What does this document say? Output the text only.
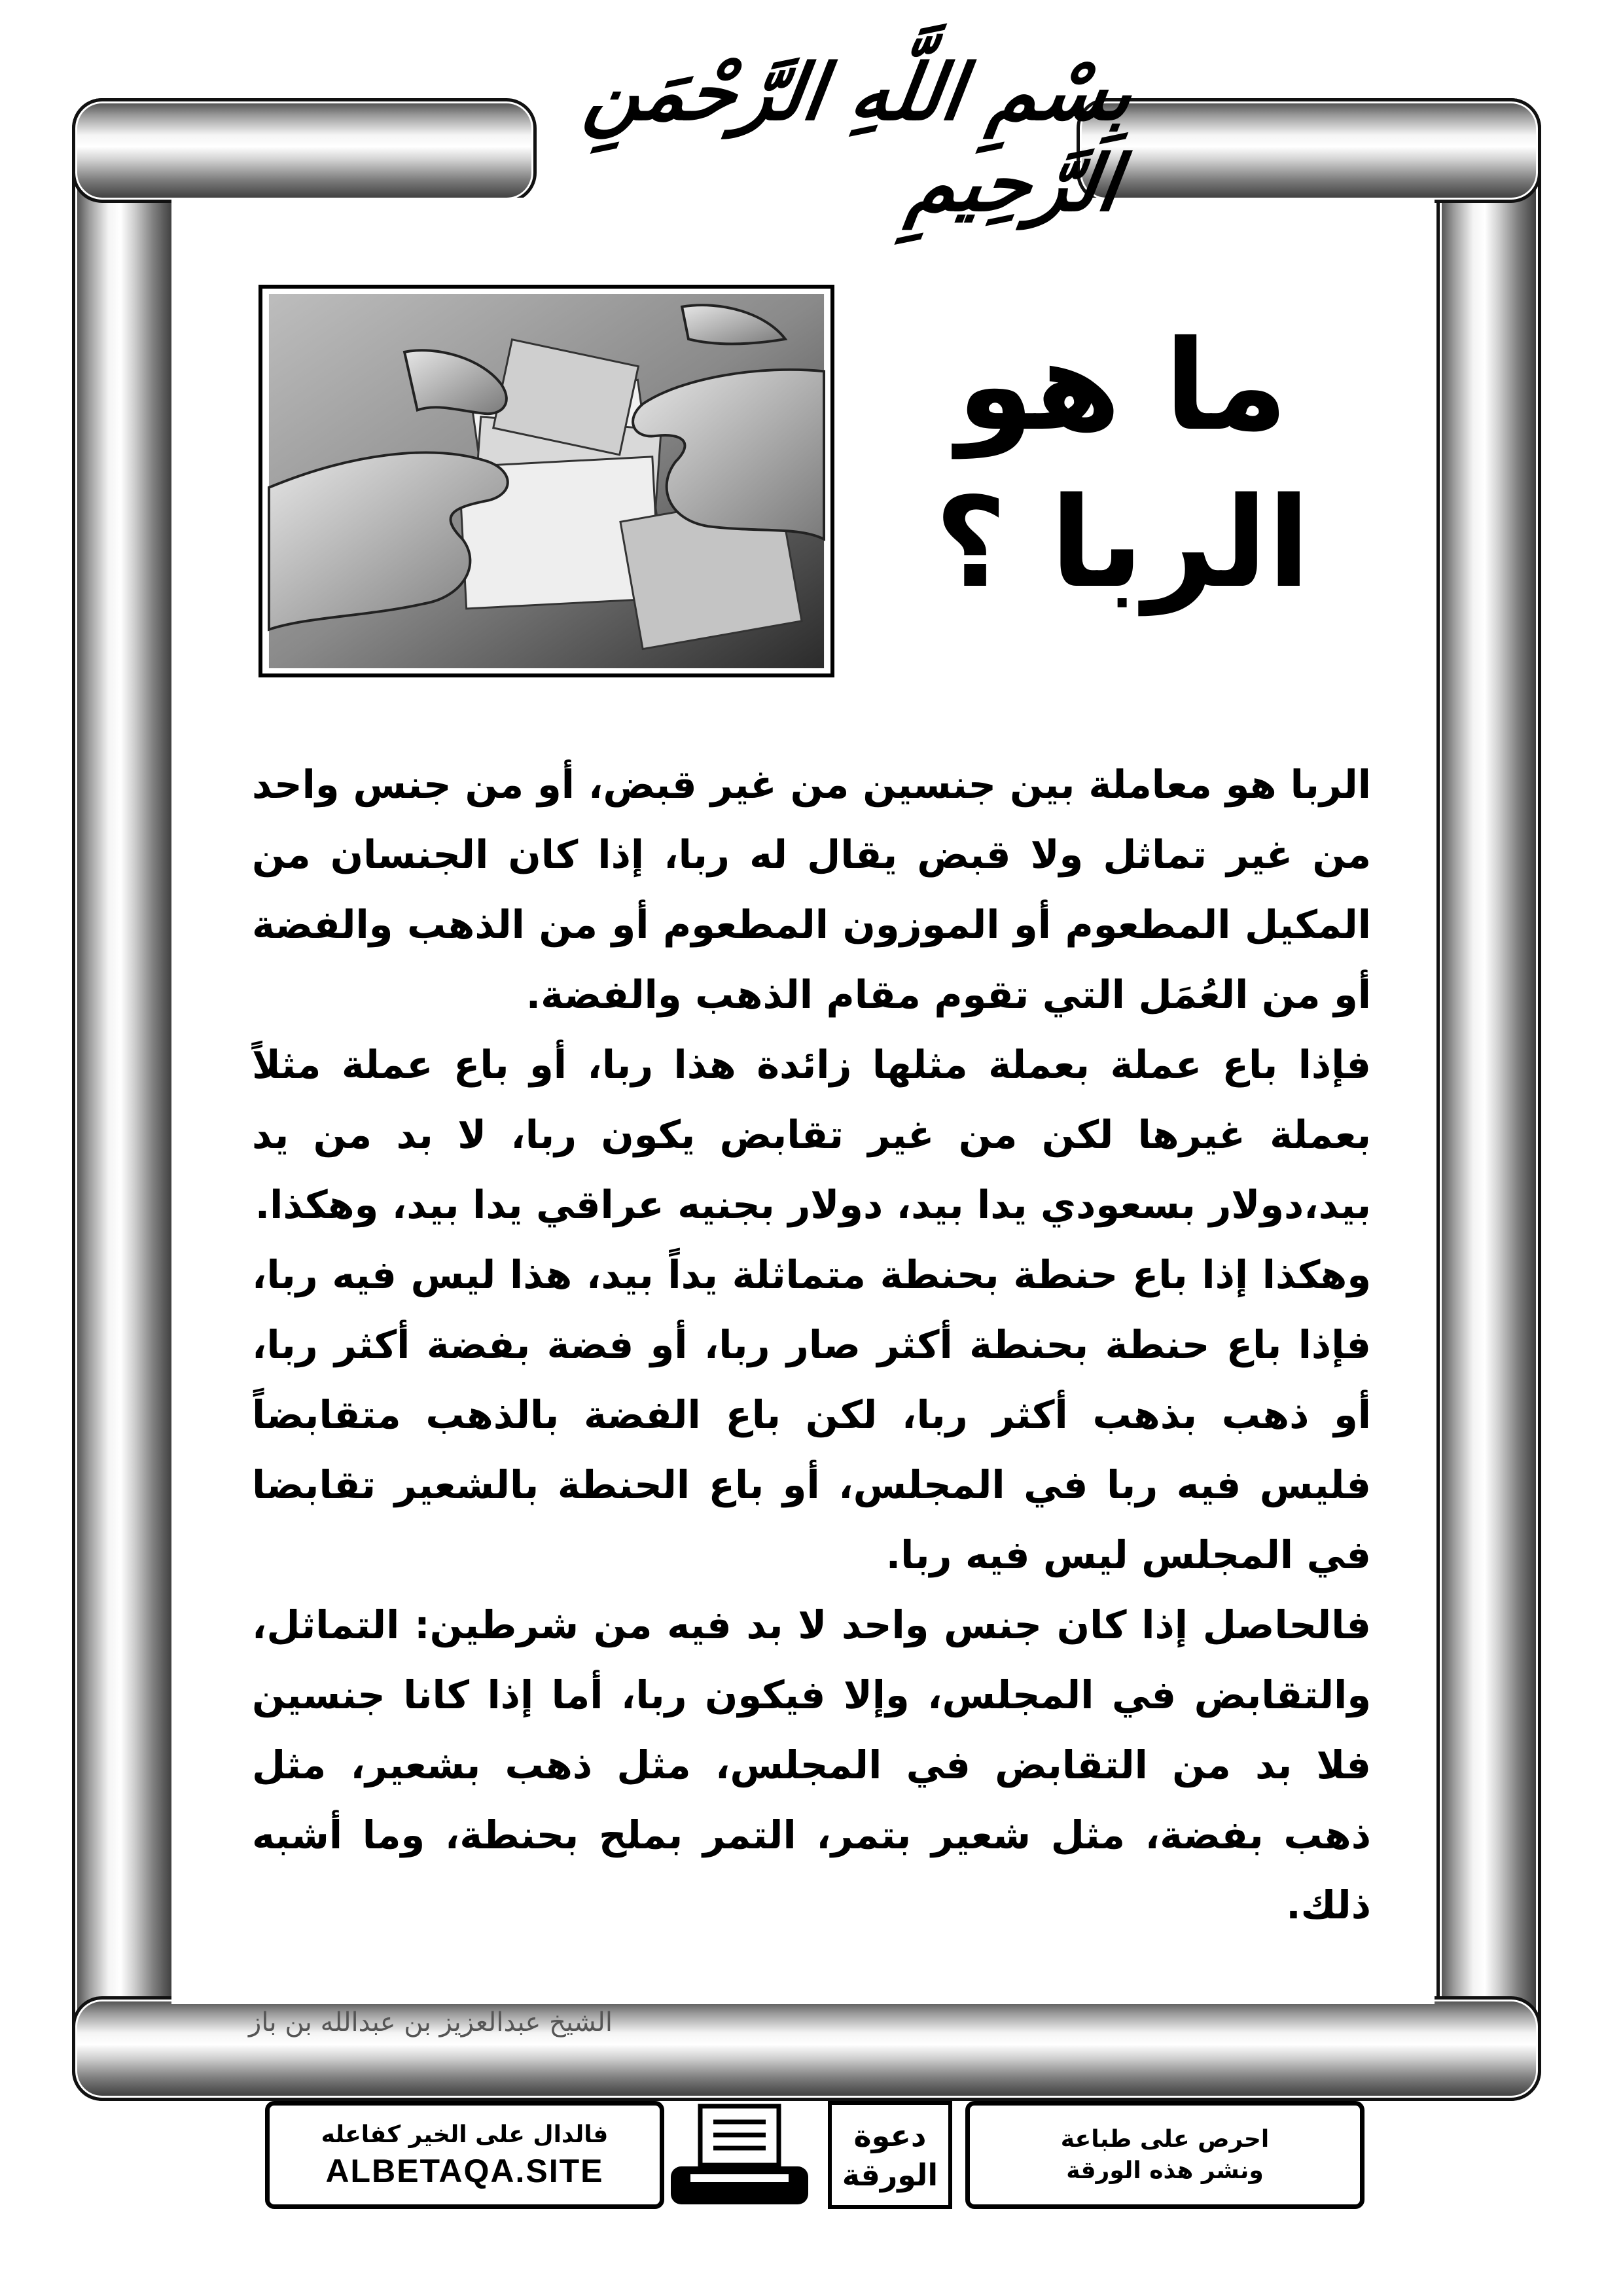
بِسْمِ اللَّهِ الرَّحْمَنِ الرَّحِيمِ
ما هو
الربا ؟

الربا هو معاملة بين جنسين من غير قبض، أو من جنس واحد من غير تماثل ولا قبض يقال له ربا، إذا كان الجنسان من المكيل المطعوم أو الموزون المطعوم أو من الذهب والفضة أو من العُمَل التي تقوم مقام الذهب والفضة.

فإذا باع عملة بعملة مثلها زائدة هذا ربا، أو باع عملة مثلاً بعملة غيرها لكن من غير تقابض يكون ربا، لا بد من يد بيد،دولار بسعودي يدا بيد، دولار بجنيه عراقي يدا بيد، وهكذا.

وهكذا إذا باع حنطة بحنطة متماثلة يداً بيد، هذا ليس فيه ربا، فإذا باع حنطة بحنطة أكثر صار ربا، أو فضة بفضة أكثر ربا، أو ذهب بذهب أكثر ربا، لكن باع الفضة بالذهب متقابضاً فليس فيه ربا في المجلس، أو باع الحنطة بالشعير تقابضا في المجلس ليس فيه ربا.

فالحاصل إذا كان جنس واحد لا بد فيه من شرطين: التماثل، والتقابض في المجلس، وإلا فيكون ربا، أما إذا كانا جنسين فلا بد من التقابض في المجلس، مثل ذهب بشعير، مثل ذهب بفضة، مثل شعير بتمر، التمر بملح بحنطة، وما أشبه ذلك.

الشيخ عبدالعزيز بن عبدالله بن باز
فالدال على الخير كفاعله
ALBETAQA.SITE
دعوة
الورقة
احرص على طباعة
ونشر هذه الورقة
